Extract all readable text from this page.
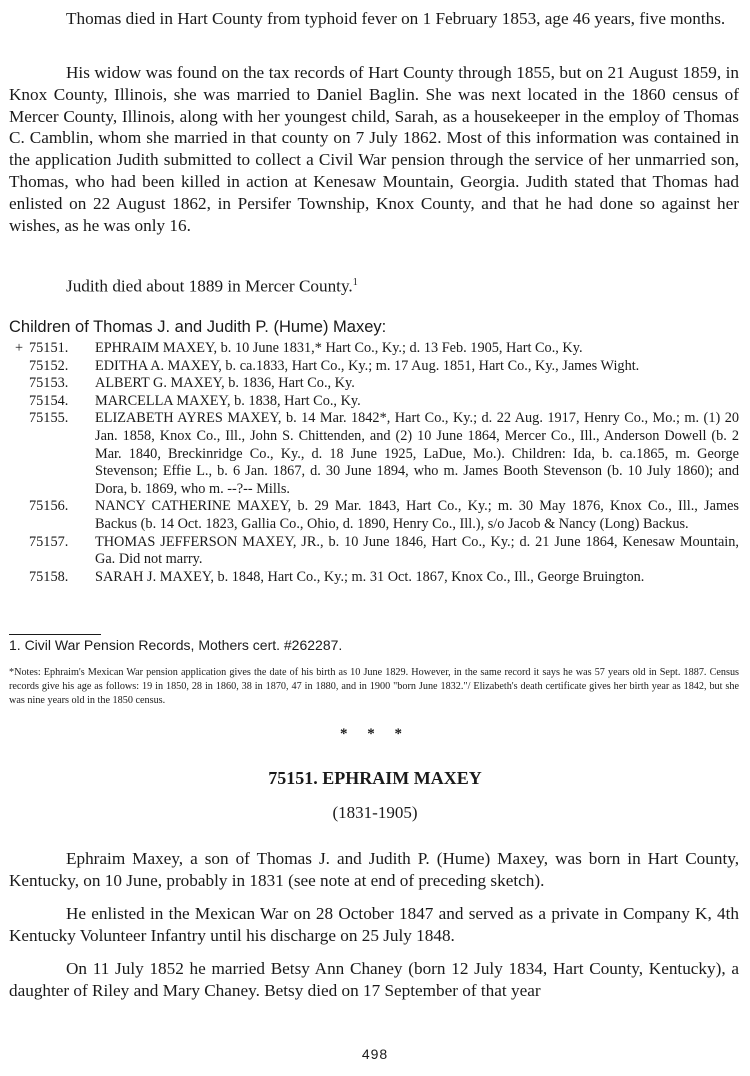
Thomas died in Hart County from typhoid fever on 1 February 1853, age 46 years, five months.
His widow was found on the tax records of Hart County through 1855, but on 21 August 1859, in Knox County, Illinois, she was married to Daniel Baglin. She was next located in the 1860 census of Mercer County, Illinois, along with her youngest child, Sarah, as a housekeeper in the employ of Thomas C. Camblin, whom she married in that county on 7 July 1862. Most of this information was contained in the application Judith submitted to collect a Civil War pension through the service of her unmarried son, Thomas, who had been killed in action at Kenesaw Mountain, Georgia. Judith stated that Thomas had enlisted on 22 August 1862, in Persifer Township, Knox County, and that he had done so against her wishes, as he was only 16.
Judith died about 1889 in Mercer County.$^1$
Children of Thomas J. and Judith P. (Hume) Maxey:
+ 75151.	EPHRAIM MAXEY, b. 10 June 1831,* Hart Co., Ky.; d. 13 Feb. 1905, Hart Co., Ky.
75152.	EDITHA A. MAXEY, b. ca.1833, Hart Co., Ky.; m. 17 Aug. 1851, Hart Co., Ky., James Wight.
75153.	ALBERT G. MAXEY, b. 1836, Hart Co., Ky.
75154.	MARCELLA MAXEY, b. 1838, Hart Co., Ky.
75155.	ELIZABETH AYRES MAXEY, b. 14 Mar. 1842*, Hart Co., Ky.; d. 22 Aug. 1917, Henry Co., Mo.; m. (1) 20 Jan. 1858, Knox Co., Ill., John S. Chittenden, and (2) 10 June 1864, Mercer Co., Ill., Anderson Dowell (b. 2 Mar. 1840, Breckinridge Co., Ky., d. 18 June 1925, LaDue, Mo.). Children: Ida, b. ca.1865, m. George Stevenson; Effie L., b. 6 Jan. 1867, d. 30 June 1894, who m. James Booth Stevenson (b. 10 July 1860); and Dora, b. 1869, who m. --?-- Mills.
75156.	NANCY CATHERINE MAXEY, b. 29 Mar. 1843, Hart Co., Ky.; m. 30 May 1876, Knox Co., Ill., James Backus (b. 14 Oct. 1823, Gallia Co., Ohio, d. 1890, Henry Co., Ill.), s/o Jacob & Nancy (Long) Backus.
75157.	THOMAS JEFFERSON MAXEY, JR., b. 10 June 1846, Hart Co., Ky.; d. 21 June 1864, Kenesaw Mountain, Ga. Did not marry.
75158.	SARAH J. MAXEY, b. 1848, Hart Co., Ky.; m. 31 Oct. 1867, Knox Co., Ill., George Bruington.
1. Civil War Pension Records, Mothers cert. #262287.
*Notes: Ephraim's Mexican War pension application gives the date of his birth as 10 June 1829. However, in the same record it says he was 57 years old in Sept. 1887. Census records give his age as follows: 19 in 1850, 28 in 1860, 38 in 1870, 47 in 1880, and in 1900 "born June 1832."/ Elizabeth's death certificate gives her birth year as 1842, but she was nine years old in the 1850 census.
* * *
75151. EPHRAIM MAXEY
(1831-1905)
Ephraim Maxey, a son of Thomas J. and Judith P. (Hume) Maxey, was born in Hart County, Kentucky, on 10 June, probably in 1831 (see note at end of preceding sketch).
He enlisted in the Mexican War on 28 October 1847 and served as a private in Company K, 4th Kentucky Volunteer Infantry until his discharge on 25 July 1848.
On 11 July 1852 he married Betsy Ann Chaney (born 12 July 1834, Hart County, Kentucky), a daughter of Riley and Mary Chaney. Betsy died on 17 September of that year
498
